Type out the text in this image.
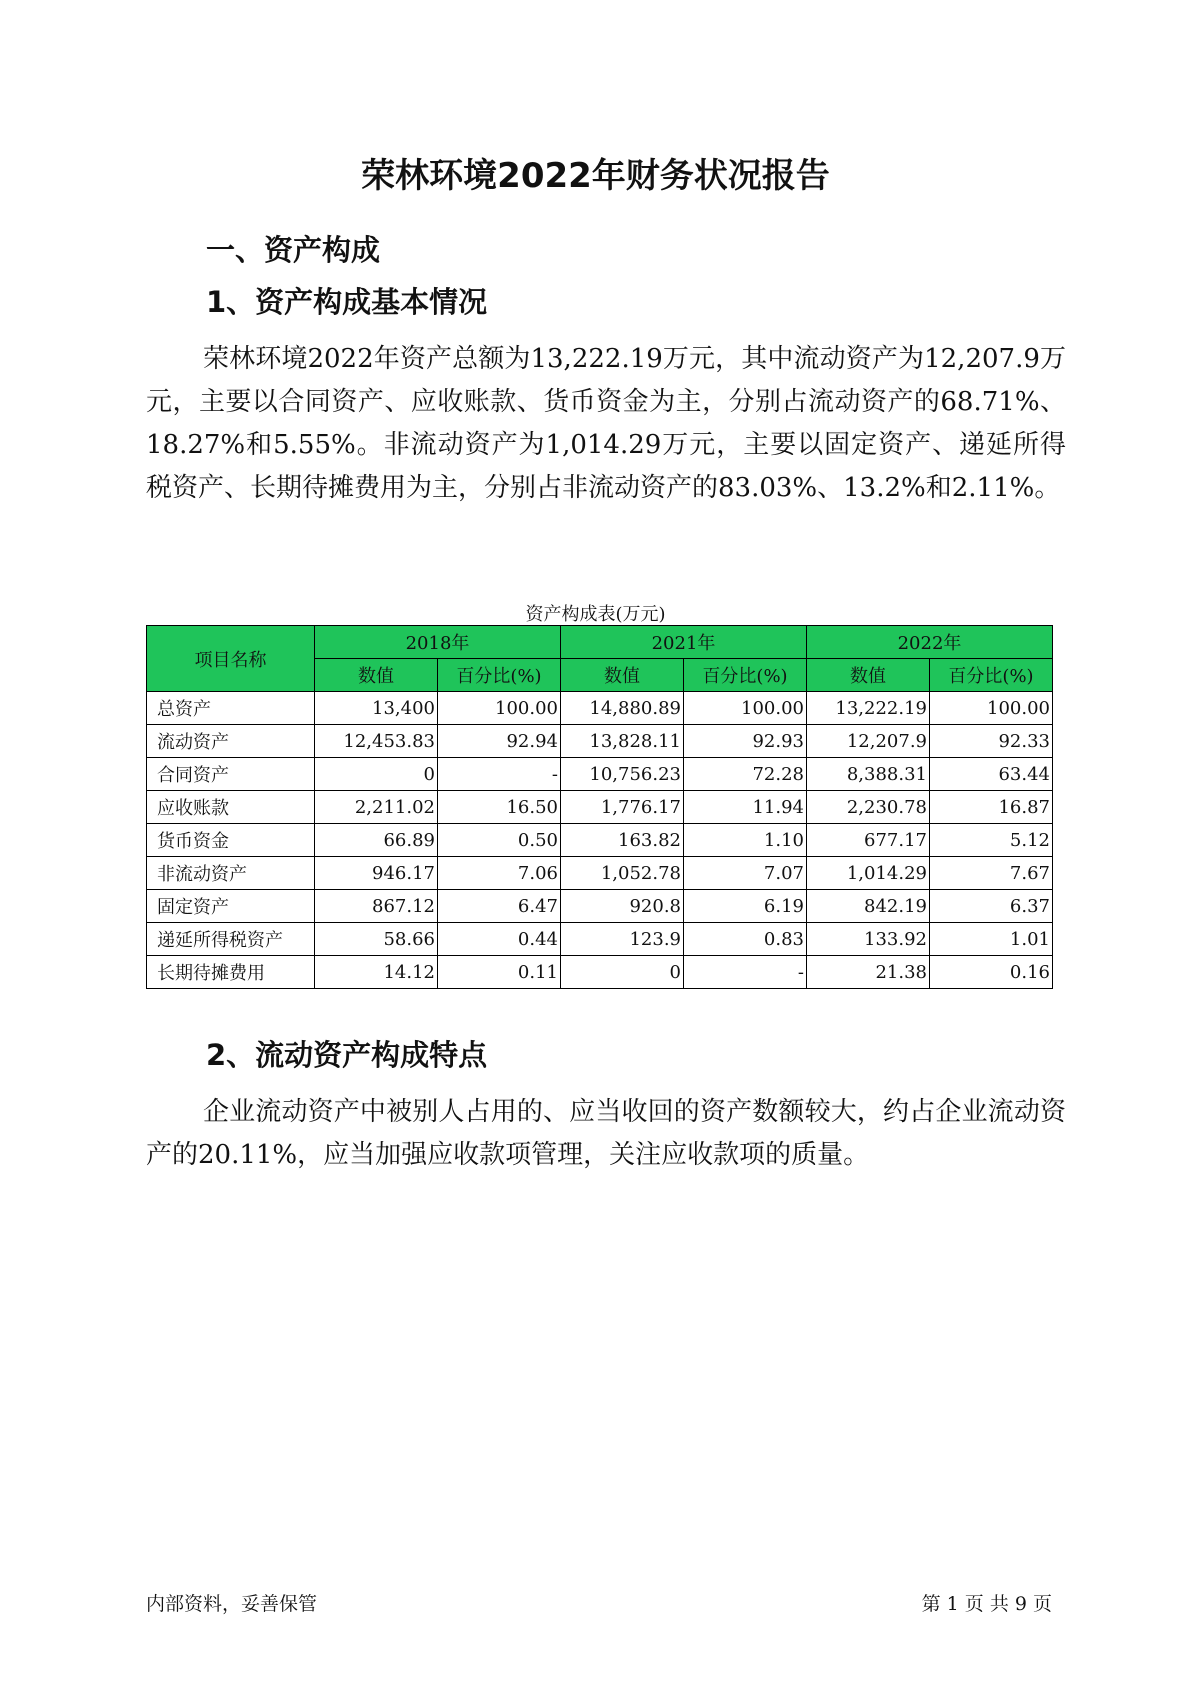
荣林环境2022年财务状况报告
一、资产构成
1、资产构成基本情况

荣林环境2022年资产总额为13,222.19万元，其中流动资产为12,207.9万元，主要以合同资产、应收账款、货币资金为主，分别占流动资产的68.71%、18.27%和5.55%。非流动资产为1,014.29万元，主要以固定资产、递延所得税资产、长期待摊费用为主，分别占非流动资产的83.03%、13.2%和2.11%。

资产构成表(万元)
项目名称	2018年		2021年		2022年	
	数值	百分比(%)	数值	百分比(%)	数值	百分比(%)
总资产	13,400	100.00	14,880.89	100.00	13,222.19	100.00
流动资产	12,453.83	92.94	13,828.11	92.93	12,207.9	92.33
合同资产	0	-	10,756.23	72.28	8,388.31	63.44
应收账款	2,211.02	16.50	1,776.17	11.94	2,230.78	16.87
货币资金	66.89	0.50	163.82	1.10	677.17	5.12
非流动资产	946.17	7.06	1,052.78	7.07	1,014.29	7.67
固定资产	867.12	6.47	920.8	6.19	842.19	6.37
递延所得税资产	58.66	0.44	123.9	0.83	133.92	1.01
长期待摊费用	14.12	0.11	0	-	21.38	0.16
2、流动资产构成特点

企业流动资产中被别人占用的、应当收回的资产数额较大，约占企业流动资产的20.11%，应当加强应收款项管理，关注应收款项的质量。

内部资料，妥善保管	第 1 页 共 9 页
